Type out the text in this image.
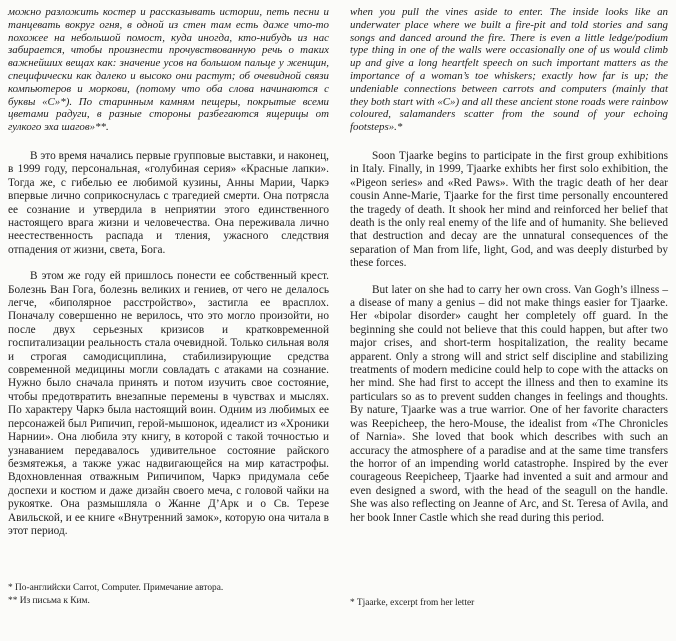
можно разложить костер и рассказывать истории, петь песни и танцевать вокруг огня, в одной из стен там есть даже что-то похожее на небольшой помост, куда иногда, кто-нибудь из нас забирается, чтобы произнести прочувствованную речь о таких важнейших вещах как: значение усов на большом пальце у женщин, специфически как далеко и высоко они растут; об очевидной связи компьютеров и моркови, (потому что оба слова начинаются с буквы «С»*). По старинным камням пещеры, покрытые всеми цветами радуги, в разные стороны разбегаются ящерицы от гулкого эха шагов»**.

В это время начались первые групповые выставки, и наконец, в 1999 году, персональная, «голубиная серия» «Красные лапки». Тогда же, с гибелью ее любимой кузины, Анны Марии, Чаркэ впервые лично соприкоснулась с трагедией смерти. Она потрясла ее сознание и утвердила в неприятии этого единственного настоящего врага жизни и человечества. Она переживала лично неестественность распада и тления, ужасного следствия отпадения от жизни, света, Бога.

В этом же году ей пришлось понести ее собственный крест. Болезнь Ван Гога, болезнь великих и гениев, от чего не делалось легче, «биполярное расстройство», застигла ее врасплох. Поначалу совершенно не верилось, что это могло произойти, но после двух серьезных кризисов и кратковременной госпитализации реальность стала очевидной. Только сильная воля и строгая самодисциплина, стабилизирующие средства современной медицины могли совладать с атаками на сознание. Нужно было сначала принять и потом изучить свое состояние, чтобы предотвратить внезапные перемены в чувствах и мыслях. По характеру Чаркэ была настоящий воин. Одним из любимых ее персонажей был Рипичип, герой-мышонок, идеалист из «Хроники Нарнии». Она любила эту книгу, в которой с такой точностью и узнаванием передавалось удивительное состояние райского безмятежья, а также ужас надвигающейся на мир катастрофы. Вдохновленная отважным Рипичипом, Чаркэ придумала себе доспехи и костюм и даже дизайн своего меча, с головой чайки на рукоятке. Она размышляла о Жанне Д’Арк и о Св. Терезе Авильской, и ее книге «Внутренний замок», которую она читала в этот период.

* По-английски Carrot, Computer. Примечание автора.

** Из письма к Ким.

when you pull the vines aside to enter. The inside looks like an underwater place where we built a fire-pit and told stories and sang songs and danced around the fire. There is even a little ledge/podium type thing in one of the walls were occasionally one of us would climb up and give a long heartfelt speech on such important matters as the importance of a woman’s toe whiskers; exactly how far is up; the undeniable connections between carrots and computers (mainly that they both start with «C») and all these ancient stone roads were rainbow coloured, salamanders scatter from the sound of your echoing footsteps».*

Soon Tjaarke begins to participate in the first group exhibitions in Italy. Finally, in 1999, Tjaarke exhibts her first solo exhibition, the «Pigeon series» and «Red Paws». With the tragic death of her dear cousin Anne-Marie, Tjaarke for the first time personally encountered the tragedy of death. It shook her mind and reinforced her belief that death is the only real enemy of the life and of humanity. She believed that destruction and decay are the unnatural consequences of the separation of Man from life, light, God, and was deeply disturbed by these forces.

But later on she had to carry her own cross. Van Gogh’s illness – a disease of many a genius – did not make things easier for Tjaarke. Her «bipolar disorder» caught her completely off guard. In the beginning she could not believe that this could happen, but after two major crises, and short-term hospitalization, the reality became apparent. Only a strong will and strict self discipline and stabilizing treatments of modern medicine could help to cope with the attacks on her mind. She had first to accept the illness and then to examine its particulars so as to prevent sudden changes in feelings and thoughts. By nature, Tjaarke was a true warrior. One of her favorite characters was Reepicheep, the hero-Mouse, the idealist from «The Chronicles of Narnia». She loved that book which describes with such an accuracy the atmosphere of a paradise and at the same time transfers the horror of an impending world catastrophe. Inspired by the ever courageous Reepicheep, Tjaarke had invented a suit and armour and even designed a sword, with the head of the seagull on the handle. She was also reflecting on Jeanne of Arc, and St. Teresa of Avila, and her book Inner Castle which she read during this period.

* Tjaarke, excerpt from her letter
